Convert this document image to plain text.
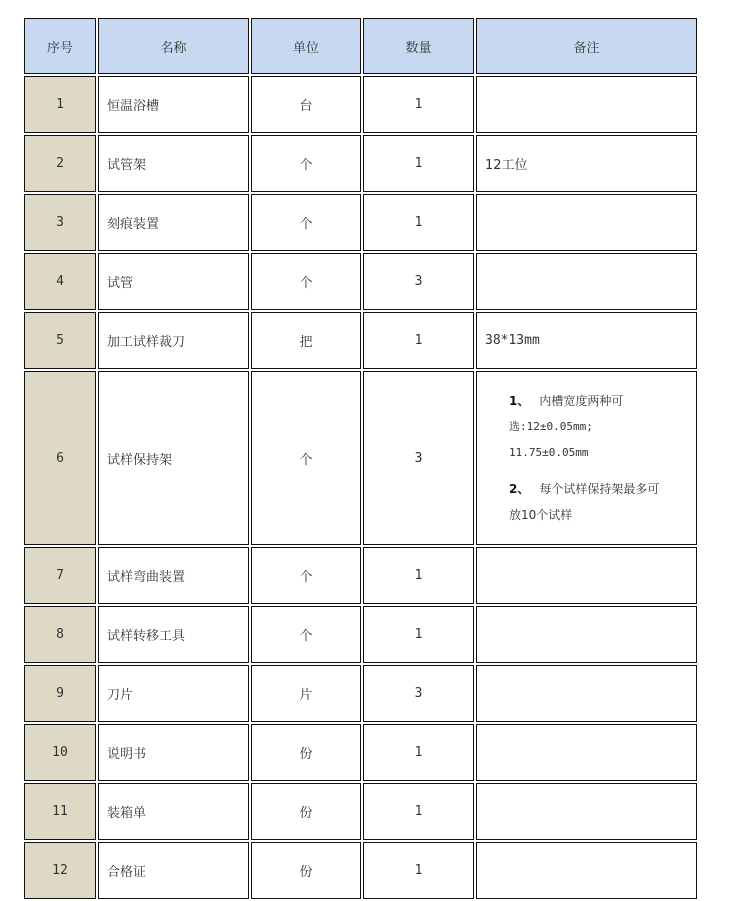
序号	名称	单位	数量	备注
1	恒温浴槽	台	1	
2	试管架	个	1	12工位
3	刻痕装置	个	1	
4	试管	个	3	
5	加工试样裁刀	把	1	38*13mm
6	试样保持架	个	3	1、 内槽宽度两种可

选:12±0.05mm;

11.75±0.05mm

2、 每个试样保持架最多可

放10个试样

7	试样弯曲装置	个	1	
8	试样转移工具	个	1	
9	刀片	片	3	
10	说明书	份	1	
11	装箱单	份	1	
12	合格证	份	1	
